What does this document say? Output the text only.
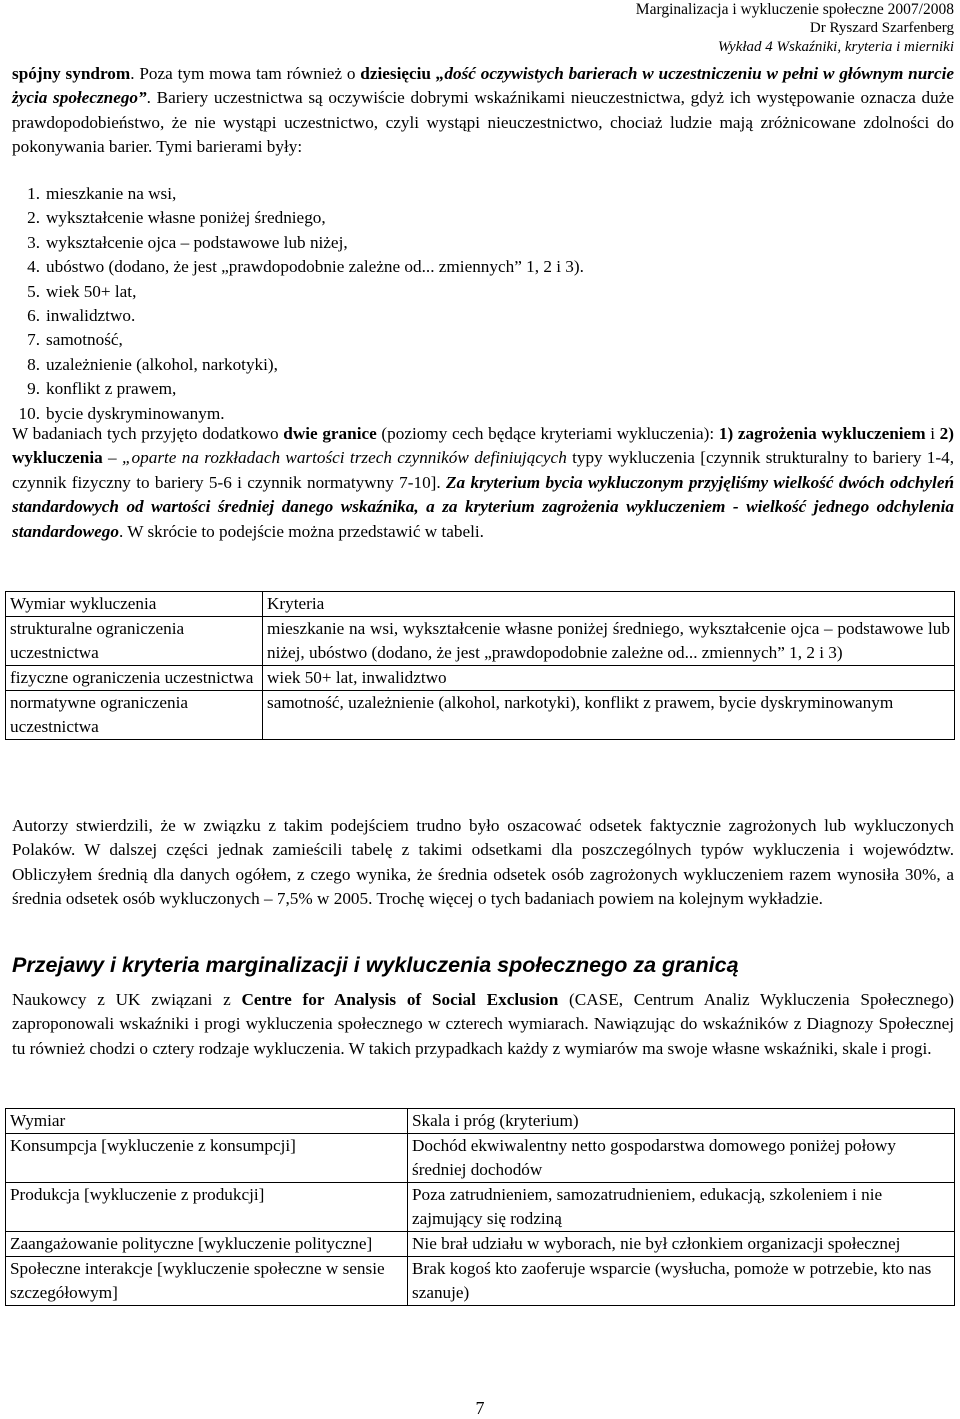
Marginalizacja i wykluczenie społeczne 2007/2008
Dr Ryszard Szarfenberg
Wykład 4 Wskaźniki, kryteria i mierniki
spójny syndrom. Poza tym mowa tam również o dziesięciu „dość oczywistych barierach w uczestniczeniu w pełni w głównym nurcie życia społecznego”. Bariery uczestnictwa są oczywiście dobrymi wskaźnikami nieuczestnictwa, gdyż ich występowanie oznacza duże prawdopodobieństwo, że nie wystąpi uczestnictwo, czyli wystąpi nieuczestnictwo, chociaż ludzie mają zróżnicowane zdolności do pokonywania barier. Tymi barierami były:
1. mieszkanie na wsi,
2. wykształcenie własne poniżej średniego,
3. wykształcenie ojca – podstawowe lub niżej,
4. ubóstwo (dodano, że jest „prawdopodobnie zależne od... zmiennych” 1, 2 i 3).
5. wiek 50+ lat,
6. inwalidztwo.
7. samotność,
8. uzależnienie (alkohol, narkotyki),
9. konflikt z prawem,
10. bycie dyskryminowanym.
W badaniach tych przyjęto dodatkowo dwie granice (poziomy cech będące kryteriami wykluczenia): 1) zagrożenia wykluczeniem i 2) wykluczenia – „oparte na rozkładach wartości trzech czynników definiujących typy wykluczenia [czynnik strukturalny to bariery 1-4, czynnik fizyczny to bariery 5-6 i czynnik normatywny 7-10]. Za kryterium bycia wykluczonym przyjęliśmy wielkość dwóch odchyleń standardowych od wartości średniej danego wskaźnika, a za kryterium zagrożenia wykluczeniem - wielkość jednego odchylenia standardowego. W skrócie to podejście można przedstawić w tabeli.
Wymiar wykluczenia	Kryteria
strukturalne ograniczenia uczestnictwa	mieszkanie na wsi, wykształcenie własne poniżej średniego, wykształcenie ojca – podstawowe lub niżej, ubóstwo (dodano, że jest „prawdopodobnie zależne od... zmiennych” 1, 2 i 3)
fizyczne ograniczenia uczestnictwa	wiek 50+ lat, inwalidztwo
normatywne ograniczenia uczestnictwa	samotność, uzależnienie (alkohol, narkotyki), konflikt z prawem, bycie dyskryminowanym
Autorzy stwierdzili, że w związku z takim podejściem trudno było oszacować odsetek faktycznie zagrożonych lub wykluczonych Polaków. W dalszej części jednak zamieścili tabelę z takimi odsetkami dla poszczególnych typów wykluczenia i województw. Obliczyłem średnią dla danych ogółem, z czego wynika, że średnia odsetek osób zagrożonych wykluczeniem razem wynosiła 30%, a średnia odsetek osób wykluczonych – 7,5% w 2005. Trochę więcej o tych badaniach powiem na kolejnym wykładzie.
Przejawy i kryteria marginalizacji i wykluczenia społecznego za granicą
Naukowcy z UK związani z Centre for Analysis of Social Exclusion (CASE, Centrum Analiz Wykluczenia Społecznego) zaproponowali wskaźniki i progi wykluczenia społecznego w czterech wymiarach. Nawiązując do wskaźników z Diagnozy Społecznej tu również chodzi o cztery rodzaje wykluczenia. W takich przypadkach każdy z wymiarów ma swoje własne wskaźniki, skale i progi.
Wymiar	Skala i próg (kryterium)
Konsumpcja [wykluczenie z konsumpcji]	Dochód ekwiwalentny netto gospodarstwa domowego poniżej połowy średniej dochodów
Produkcja [wykluczenie z produkcji]	Poza zatrudnieniem, samozatrudnieniem, edukacją, szkoleniem i nie zajmujący się rodziną
Zaangażowanie polityczne [wykluczenie polityczne]	Nie brał udziału w wyborach, nie był członkiem organizacji społecznej
Społeczne interakcje [wykluczenie społeczne w sensie szczegółowym]	Brak kogoś kto zaoferuje wsparcie (wysłucha, pomoże w potrzebie, kto nas szanuje)
7
